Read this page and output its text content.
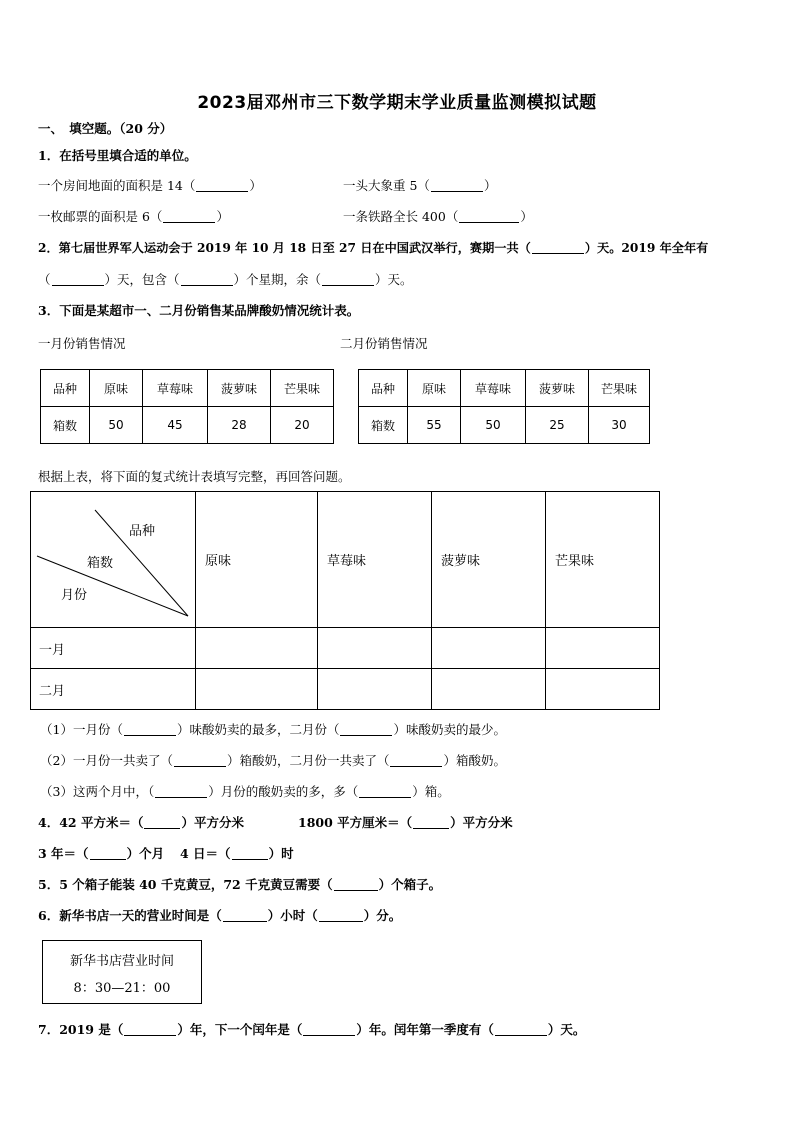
2023届邓州市三下数学期末学业质量监测模拟试题
一、　填空题。（20 分）
1．在括号里填合适的单位。
一个房间地面的面积是 14（	）	一头大象重 5（	）
一枚邮票的面积是 6（	）	一条铁路全长 400（	）
2．第七届世界军人运动会于 2019 年 10 月 18 日至 27 日在中国武汉举行，赛期一共（	）天。2019 年全年有
（	）天，包含（	）个星期，余（	）天。
3．下面是某超市一、二月份销售某品牌酸奶情况统计表。
一月份销售情况	二月份销售情况
品种	原味	草莓味	菠萝味	芒果味
箱数	50	45	28	20
品种	原味	草莓味	菠萝味	芒果味
箱数	55	50	25	30
根据上表，将下面的复式统计表填写完整，再回答问题。
品种
箱数
月份	原味	草莓味	菠萝味	芒果味
一月				
二月				
（1）一月份（	）味酸奶卖的最多，二月份（	）味酸奶卖的最少。
（2）一月份一共卖了（	）箱酸奶，二月份一共卖了（	）箱酸奶。
（3）这两个月中，（	）月份的酸奶卖的多，多（	）箱。
4．42 平方米＝（	）平方分米	1800 平方厘米＝（	）平方分米
3 年＝（	）个月 4 日＝（	）时
5．5 个箱子能装 40 千克黄豆，72 千克黄豆需要（	）个箱子。
6．新华书店一天的营业时间是（	）小时（	）分。
新华书店营业时间
8：30—21：00
7．2019 是（	）年，下一个闰年是（	）年。闰年第一季度有（	）天。
